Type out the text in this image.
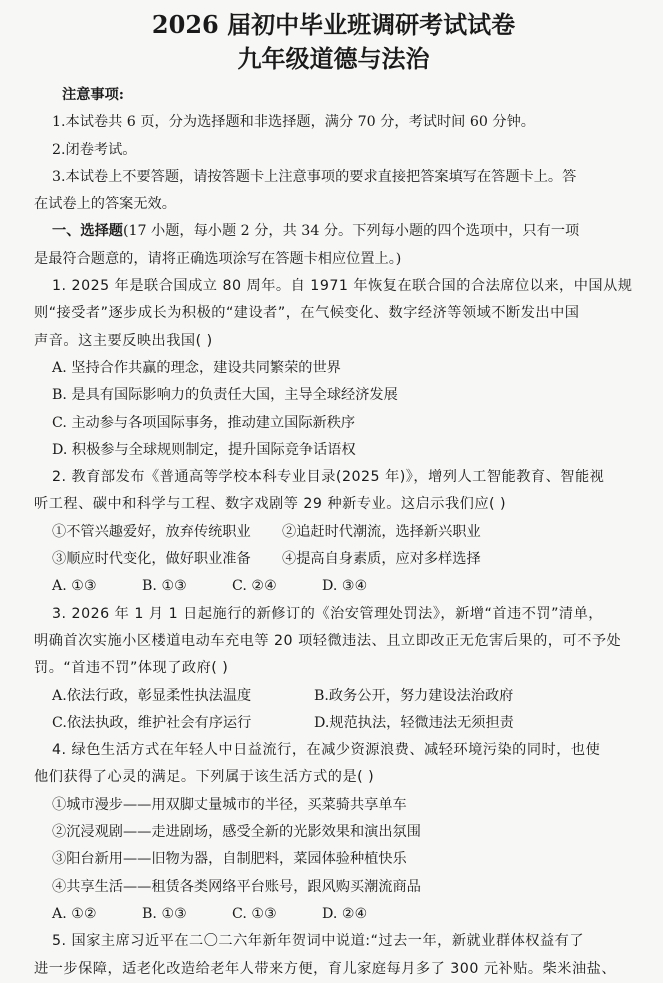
2026 届初中毕业班调研考试试卷
九年级道德与法治
注意事项:
1.本试卷共 6 页，分为选择题和非选择题，满分 70 分，考试时间 60 分钟。
2.闭卷考试。
3.本试卷上不要答题，请按答题卡上注意事项的要求直接把答案填写在答题卡上。答
在试卷上的答案无效。
一、选择题(17 小题，每小题 2 分，共 34 分。下列每小题的四个选项中，只有一项
是最符合题意的，请将正确选项涂写在答题卡相应位置上。)
1. 2025 年是联合国成立 80 周年。自 1971 年恢复在联合国的合法席位以来，中国从规
则“接受者”逐步成长为积极的“建设者”，在气候变化、数字经济等领域不断发出中国
声音。这主要反映出我国( )
A. 坚持合作共赢的理念，建设共同繁荣的世界
B. 是具有国际影响力的负责任大国，主导全球经济发展
C. 主动参与各项国际事务，推动建立国际新秩序
D. 积极参与全球规则制定，提升国际竞争话语权
2. 教育部发布《普通高等学校本科专业目录(2025 年)》，增列人工智能教育、智能视
听工程、碳中和科学与工程、数字戏剧等 29 种新专业。这启示我们应( )
①不管兴趣爱好，放弃传统职业	②追赶时代潮流，选择新兴职业
③顺应时代变化，做好职业准备	④提高自身素质，应对多样选择
A. ①③	B. ①③	C. ②④	D. ③④
3. 2026 年 1 月 1 日起施行的新修订的《治安管理处罚法》，新增“首违不罚”清单，
明确首次实施小区楼道电动车充电等 20 项轻微违法、且立即改正无危害后果的，可不予处
罚。“首违不罚”体现了政府( )
A.依法行政，彰显柔性执法温度	B.政务公开，努力建设法治政府
C.依法执政，维护社会有序运行	D.规范执法，轻微违法无须担责
4. 绿色生活方式在年轻人中日益流行，在减少资源浪费、减轻环境污染的同时，也使
他们获得了心灵的满足。下列属于该生活方式的是( )
①城市漫步——用双脚丈量城市的半径，买菜骑共享单车
②沉浸观剧——走进剧场，感受全新的光影效果和演出氛围
③阳台新用——旧物为器，自制肥料，菜园体验种植快乐
④共享生活——租赁各类网络平台账号，跟风购买潮流商品
A. ①②	B. ①③	C. ①③	D. ②④
5. 国家主席习近平在二〇二六年新年贺词中说道:“过去一年，新就业群体权益有了
进一步保障，适老化改造给老年人带来方便，育儿家庭每月多了 300 元补贴。柴米油盐、
